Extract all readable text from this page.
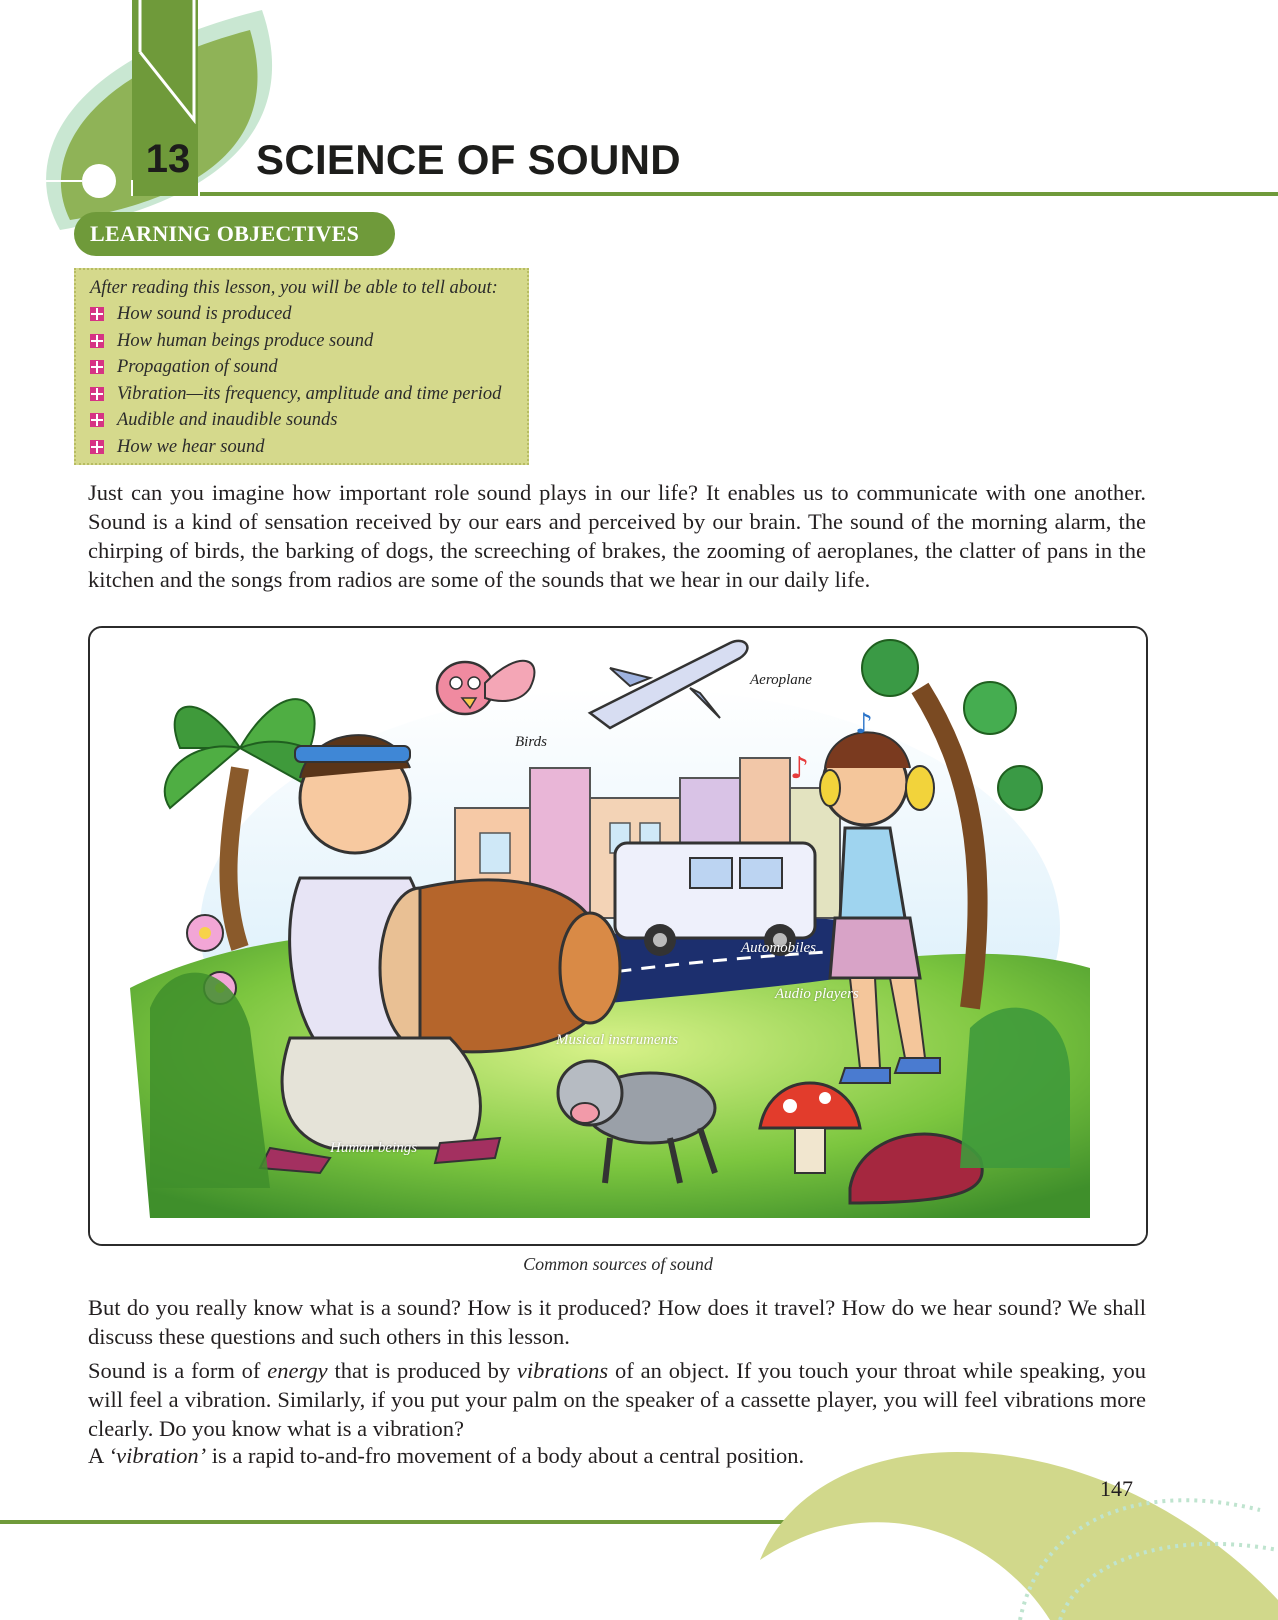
13 SCIENCE OF SOUND
LEARNING OBJECTIVES
After reading this lesson, you will be able to tell about:
How sound is produced
How human beings produce sound
Propagation of sound
Vibration—its frequency, amplitude and time period
Audible and inaudible sounds
How we hear sound

Just can you imagine how important role sound plays in our life? It enables us to communicate with one another. Sound is a kind of sensation received by our ears and perceived by our brain. The sound of the morning alarm, the chirping of birds, the barking of dogs, the screeching of brakes, the zooming of aeroplanes, the clatter of pans in the kitchen and the songs from radios are some of the sounds that we hear in our daily life.

♪
♪
Aeroplane
Birds
Automobiles
Audio players
Musical instruments
Human beings
Common sources of sound

But do you really know what is a sound? How is it produced? How does it travel? How do we hear sound? We shall discuss these questions and such others in this lesson.

Sound is a form of energy that is produced by vibrations of an object. If you touch your throat while speaking, you will feel a vibration. Similarly, if you put your palm on the speaker of a cassette player, you will feel vibrations more clearly. Do you know what is a vibration?

A ‘vibration’ is a rapid to-and-fro movement of a body about a central position.

147
